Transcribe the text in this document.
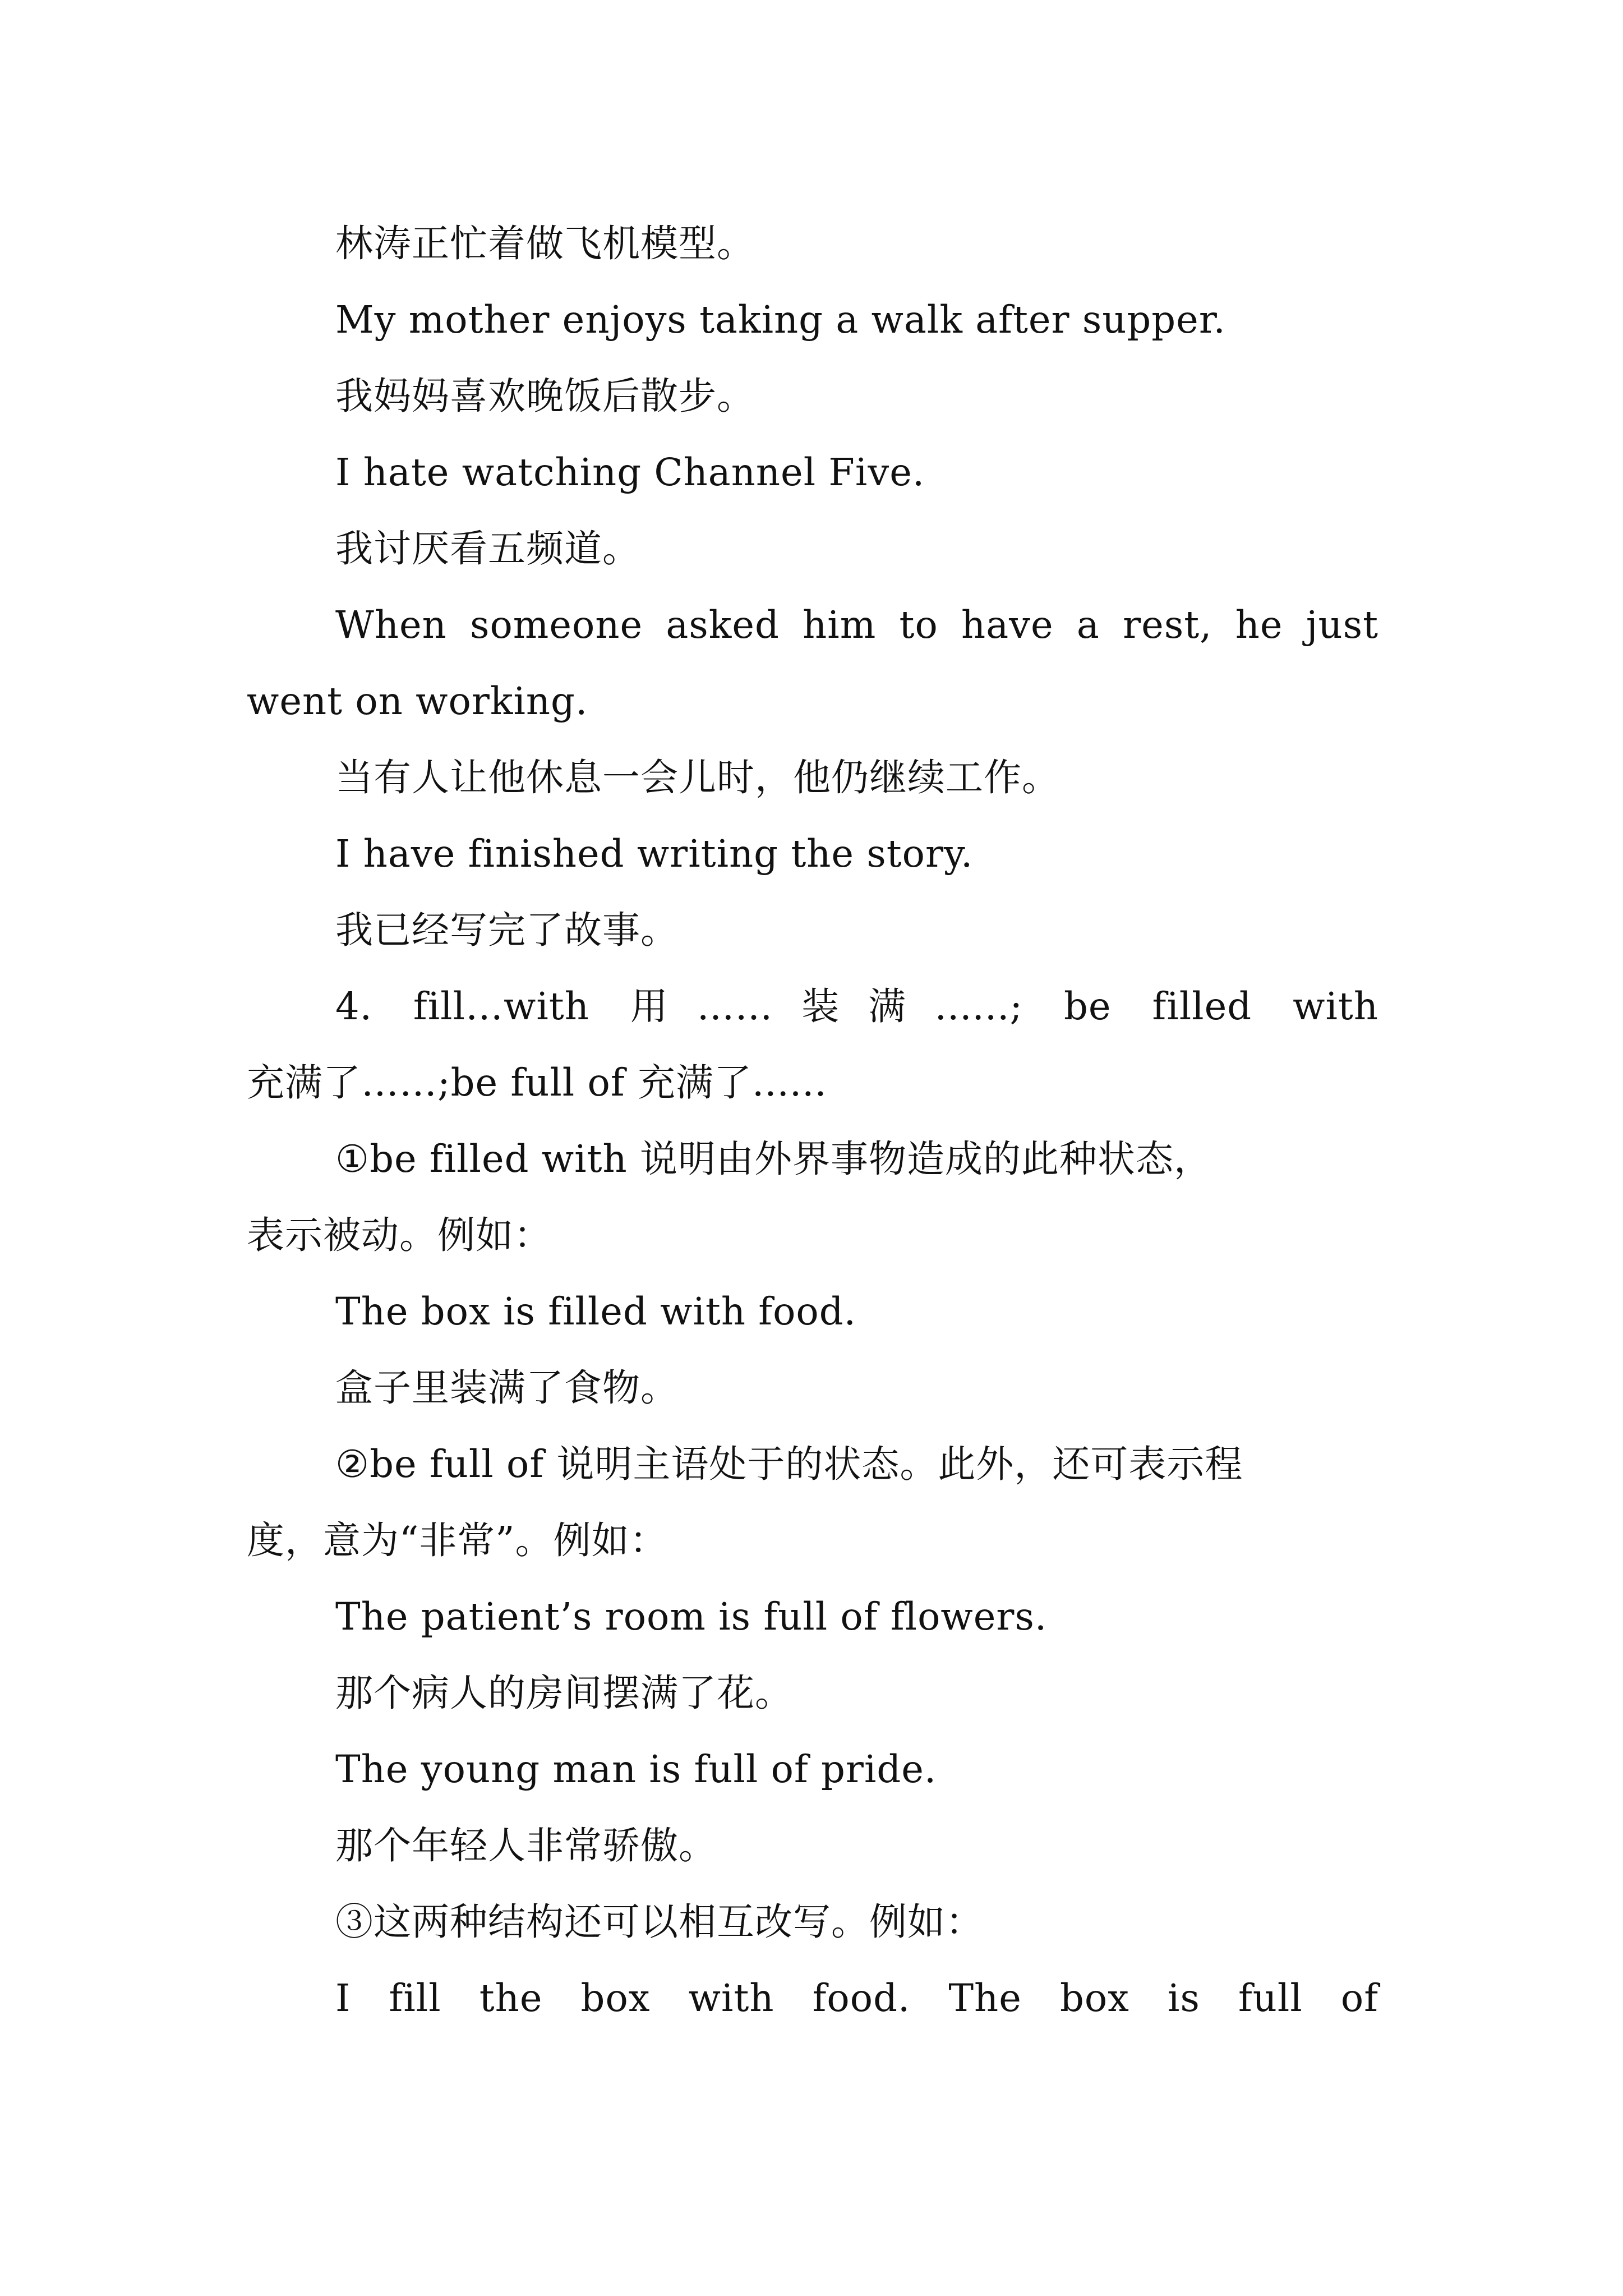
林涛正忙着做飞机模型。
My mother enjoys taking a walk after supper.
我妈妈喜欢晚饭后散步。
I hate watching Channel Five.
我讨厌看五频道。
When someone asked him to have a rest, he just
went on working.
当有人让他休息一会儿时，他仍继续工作。
I have finished writing the story.
我已经写完了故事。
4. fill…with 用……装满......; be filled with
充满了……;be full of 充满了......
①be filled with 说明由外界事物造成的此种状态，
表示被动。例如：
The box is filled with food.
盒子里装满了食物。
②be full of 说明主语处于的状态。此外，还可表示程
度，意为“非常”。例如：
The patient’s room is full of flowers.
那个病人的房间摆满了花。
The young man is full of pride.
那个年轻人非常骄傲。
③这两种结构还可以相互改写。例如：
I fill the box with food. The box is full of
